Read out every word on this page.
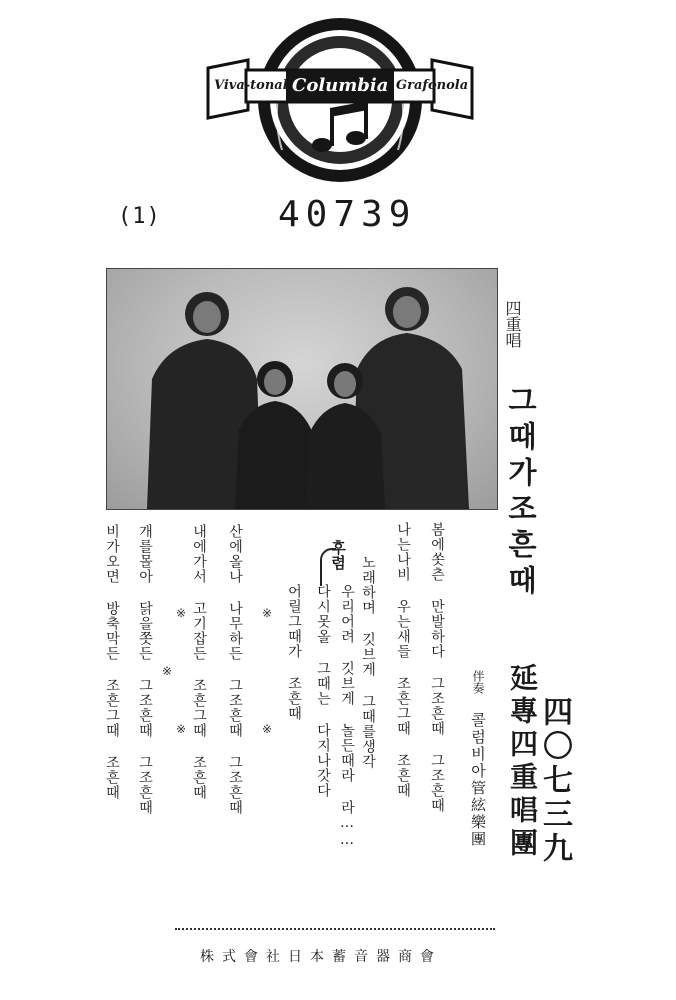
Viva-tonal Columbia Grafonola
(1)	40739
四重唱
그때가조흔때
四〇七三九
延專四重唱團
伴奏
콜럼비아管絃樂團
봄에쏫츤 만발하다 그조흔때 그조흔때
나는나비 우는새들 조흔그때 조흔때
노래하며 깃브게 그때를생각
우리어려 깃브게 놀든때라 라……
다시못올 그때는 다지나갓다
어릴그때가 조흔때
후렴
산에올나 나무하든 그조흔때 그조흔때
내에가서 고기잡든 조흔그때 조흔때
개를몰아 닭을쫏든 그조흔때 그조흔때
비가오면 방축막든 조흔그때 조흔때	※
※
※
※
※
會商器音蓄本日社會式株
